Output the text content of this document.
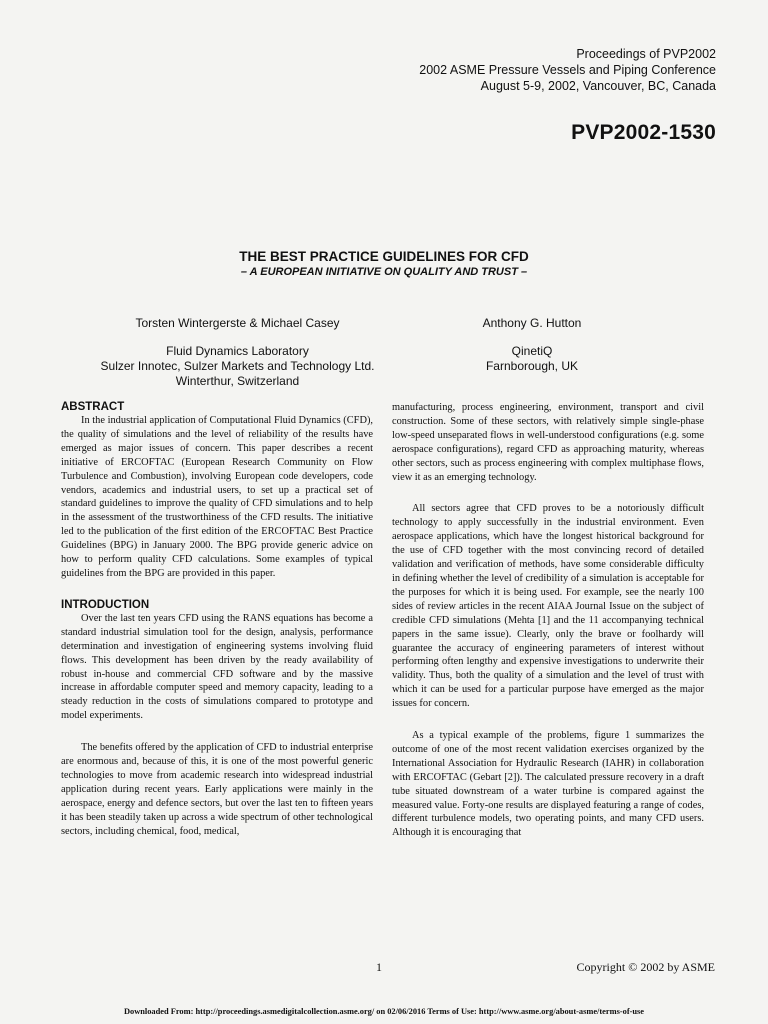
Proceedings of PVP2002
2002 ASME Pressure Vessels and Piping Conference
August 5-9, 2002, Vancouver, BC, Canada
PVP2002-1530
THE BEST PRACTICE GUIDELINES FOR CFD
– A EUROPEAN INITIATIVE ON QUALITY AND TRUST –
Torsten Wintergerste & Michael Casey
Fluid Dynamics Laboratory
Sulzer Innotec, Sulzer Markets and Technology Ltd.
Winterthur, Switzerland
Anthony G. Hutton
QinetiQ
Farnborough, UK
ABSTRACT

In the industrial application of Computational Fluid Dynamics (CFD), the quality of simulations and the level of reliability of the results have emerged as major issues of concern. This paper describes a recent initiative of ERCOFTAC (European Research Community on Flow Turbulence and Combustion), involving European code developers, code vendors, academics and industrial users, to set up a practical set of standard guidelines to improve the quality of CFD simulations and to help in the assessment of the trustworthiness of the CFD results. The initiative led to the publication of the first edition of the ERCOFTAC Best Practice Guidelines (BPG) in January 2000. The BPG provide generic advice on how to perform quality CFD calculations. Some examples of typical guidelines from the BPG are provided in this paper.

INTRODUCTION

Over the last ten years CFD using the RANS equations has become a standard industrial simulation tool for the design, analysis, performance determination and investigation of engineering systems involving fluid flows. This development has been driven by the ready availability of robust in-house and commercial CFD software and by the massive increase in affordable computer speed and memory capacity, leading to a steady reduction in the costs of simulations compared to prototype and model experiments.

The benefits offered by the application of CFD to industrial enterprise are enormous and, because of this, it is one of the most powerful generic technologies to move from academic research into widespread industrial application during recent years. Early applications were mainly in the aerospace, energy and defence sectors, but over the last ten to fifteen years it has been steadily taken up across a wide spectrum of other technological sectors, including chemical, food, medical,

manufacturing, process engineering, environment, transport and civil construction. Some of these sectors, with relatively simple single-phase low-speed unseparated flows in well-understood configurations (e.g. some aerospace configurations), regard CFD as approaching maturity, whereas other sectors, such as process engineering with complex multiphase flows, view it as an emerging technology.

All sectors agree that CFD proves to be a notoriously difficult technology to apply successfully in the industrial environment. Even aerospace applications, which have the longest historical background for the use of CFD together with the most convincing record of detailed validation and verification of methods, have some considerable difficulty in defining whether the level of credibility of a simulation is acceptable for the purposes for which it is being used. For example, see the nearly 100 sides of review articles in the recent AIAA Journal Issue on the subject of credible CFD simulations (Mehta [1] and the 11 accompanying technical papers in the same issue). Clearly, only the brave or foolhardy will guarantee the accuracy of engineering parameters of interest without performing often lengthy and expensive investigations to underwrite their validity. Thus, both the quality of a simulation and the level of trust with which it can be used for a particular purpose have emerged as the major issues for concern.

As a typical example of the problems, figure 1 summarizes the outcome of one of the most recent validation exercises organized by the International Association for Hydraulic Research (IAHR) in collaboration with ERCOFTAC (Gebart [2]). The calculated pressure recovery in a draft tube situated downstream of a water turbine is compared against the measured value. Forty-one results are displayed featuring a range of codes, different turbulence models, two operating points, and many CFD users. Although it is encouraging that

1	Copyright © 2002 by ASME
Downloaded From: http://proceedings.asmedigitalcollection.asme.org/ on 02/06/2016 Terms of Use: http://www.asme.org/about-asme/terms-of-use
